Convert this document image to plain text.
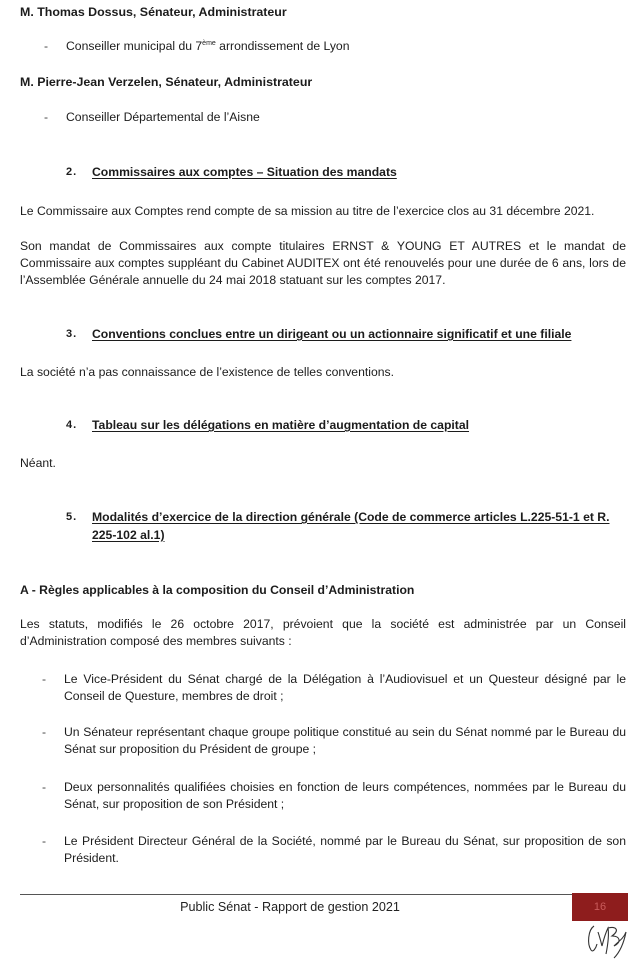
M. Thomas Dossus, Sénateur, Administrateur
- Conseiller municipal du 7ème arrondissement de Lyon
M. Pierre-Jean Verzelen, Sénateur, Administrateur
- Conseiller Départemental de l’Aisne
2. Commissaires aux comptes – Situation des mandats
Le Commissaire aux Comptes rend compte de sa mission au titre de l’exercice clos au 31 décembre 2021.
Son mandat de Commissaires aux compte titulaires ERNST & YOUNG ET AUTRES et le mandat de Commissaire aux comptes suppléant du Cabinet AUDITEX ont été renouvelés pour une durée de 6 ans, lors de l’Assemblée Générale annuelle du 24 mai 2018 statuant sur les comptes 2017.
3. Conventions conclues entre un dirigeant ou un actionnaire significatif et une filiale
La société n’a pas connaissance de l’existence de telles conventions.
4. Tableau sur les délégations en matière d’augmentation de capital
Néant.
5. Modalités d’exercice de la direction générale (Code de commerce articles L.225-51-1 et R.
225-102 al.1)
A - Règles applicables à la composition du Conseil d’Administration
Les statuts, modifiés le 26 octobre 2017, prévoient que la société est administrée par un Conseil d’Administration composé des membres suivants :
- Le Vice-Président du Sénat chargé de la Délégation à l’Audiovisuel et un Questeur désigné par le Conseil de Questure, membres de droit ;
- Un Sénateur représentant chaque groupe politique constitué au sein du Sénat nommé par le Bureau du Sénat sur proposition du Président de groupe ;
- Deux personnalités qualifiées choisies en fonction de leurs compétences, nommées par le Bureau du Sénat, sur proposition de son Président ;
- Le Président Directeur Général de la Société, nommé par le Bureau du Sénat, sur proposition de son Président.
Public Sénat - Rapport de gestion 2021	16
